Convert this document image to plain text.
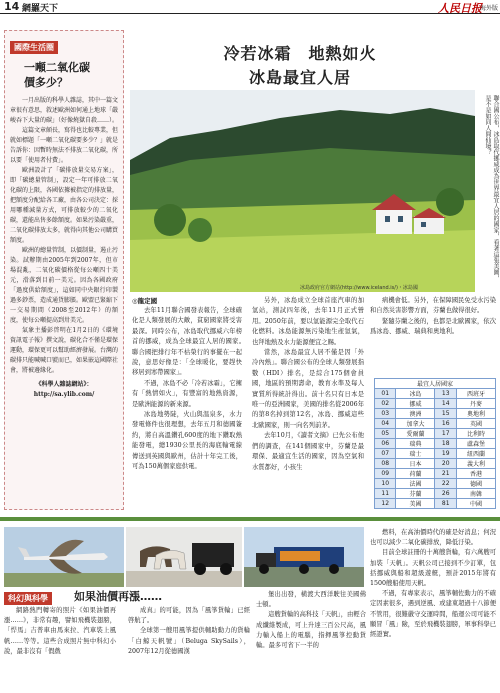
14 網羅天下	人民日报
海外版
國際生活圈
一噸二氧化碳
價多少？

一月出版的科學人雜誌，其中一篇文章很有意思，敘述歐洲如何通上地球「嚴峻吞下大量的碳」（好像燒獄自殺……）。

這篇文章頗長，寫得也比較專業，但就如標題「一噸二氧化碳要多少？」就是告訴你：因暫時無法不排放二氧化碳，所以要「使用者付費」。

歐洲設計了「碳排放量交易方案」，即「碳總量管制」，設定一年可排放二氧化碳的上限，各國依據被指定的排放量，把額度分配給各工廠，由各公司決定：採用哪種減量方式，可排放較少的二氧化碳，還能出售多餘額度。如果污染嚴重，二氧化碳排放太多，就得向其他公司購買額度。

歐洲的總量管制，以價制量，遏止污染。試辦期由2005年到2007年，但市場混亂，二氧化碳價格從每公噸四十美元，滑落到目前一美元。因為各國政府「過度供給額度」，這如同中央銀行印製過多鈔票，造成通貨膨脹。歐盟已緊縮下一交易期間（2008至2012年）的額度，使每公噸提高到卅美元。

氣象主播彭啓明在1月2日的《環境資訊電子報》撰文說，碳化合不僅是環保運動，環保更可以幫助經濟發展。台灣的碳排只能喊喊口號而已，如果嵌這國際社會，將被邊緣化。

《科學人雜誌網站》：
http://sa.ylib.com/

冷若冰霜　地熱如火
冰島最宜人居
聯合國公布，冰島取代挪威成為世界最宜人居的國家，看著這張美圖，是不是如同人間仙境？
冰島政府官方網站(http://www.iceland.is/)・冰島國
◎龍定國

去年11月聯合國發表報告，全球確化是人類發展的大敵，貧窮國家將受害最深。同時公布，冰島取代挪威六年榜首的挪威，成為全球最宜人居的國家。　聯合國把排行年不枯榮行的事擺在一起說，意思好像是：「全球暖化，要趕快移居到寒帶國家」。

不過，冰島不必「冷若冰霜」，它擁有「熱情如火」，有豐富的地熱資源，是歐洲能源的新來源。

冰島地勢陡，火山與温泉多，水力發電條件也很理想，去年五月和德國簽約，將自高溫鑽孔600度的地下鑽取熱能發電，總1930公里長的海底輸電線傳送到英國與歐州，估計十年完工後，可為150萬個家庭供電。

另外，冰島成立全球首座汽車的加氫站，測試四年後，去年11月正式營用。2050年前，要以氫能源完全取代石化燃料。冰島能源無污染地生產氫氣，也拜地熱及水力能源便宜之賜。

當然，冰島最宜人居不僅是因「外冷內熱」。聯合國公布的全球人類發展指數（HDI）排名，是綜合175個會員國，地區的預期壽命，教育水準及每人實質所得統計得出。前十名只有日本是唯一的亞洲國家，美國的排名從2006年的第8名掉到第12名，冰島、挪威這些北歐國家，則一向名列前茅。

去年10月，《讀者文摘》已先公布他們的調查，在141個國家中，芬蘭是最環保、最適宜生活的國家，因為空氣和水質都好，小孩生

病機會低。另外，在保障國民免受水污染和自然災害影響方面，芬蘭也做得很好。

緊隨芬蘭之後的，也都是北歐國家，依次爲冰島、挪威、瑞典和奧地利。

最宜人居國家			
01	冰島	13	西班牙
02	挪威	14	丹麥
03	澳洲	15	奧地利
04	加拿大	16	英國
05	愛爾蘭	17	比利時
06	瑞典	18	盧森堡
07	瑞士	19	紐西蘭
08	日本	20	義大利
09	荷蘭	21	香港
10	法國	22	德國
11	芬蘭	26	南韓
12	美國	81	中國
科幻與科學	如果油價再漲……

網路熱門轉寄的照片《如果油價再漲……》，非常有趣，譬如飛機裝翅膀，「悍馬」吉普車由馬來拉、汽車裝上風帆……等等。這些合成照片無中科幻小說，最非沒有「假戲

成真」的可能，因為「風箏貨輪」已經啓航了。

全球第一艘用風箏提供輔助動力的貨輪「白鯨天帆號」（Beluga SkySails），2007年12月從德國漢

堡出出發，橫渡大西洋駛往美國佛士頓。

這艘貨輪的高科技「天帆」，由輕合成纖維製成，可上升達三百公尺高，風力輸入船上的電腦，指揮風箏控動貨輪。最多可省下一半的

燃料，在高油價時代的確是好消息；何況也可以減少二氧化碳排放，降低汙染。

目前全球註冊的十萬艘貨輪，有六萬艘可加裝「天帆」。天帆公司已接到不少訂單，包括挪威與船和超級遊艇，預計2015年將有1500艘船使用天帆。

不過，有專家表示，風箏輔佐動力的不確定因素很多，遇到逆風、或建東超過十八節便不管用，很難嚴守交運時間，船運公司可能不願冒「風」險，至於飛機裝翅膀，軍事科學已經證實。
